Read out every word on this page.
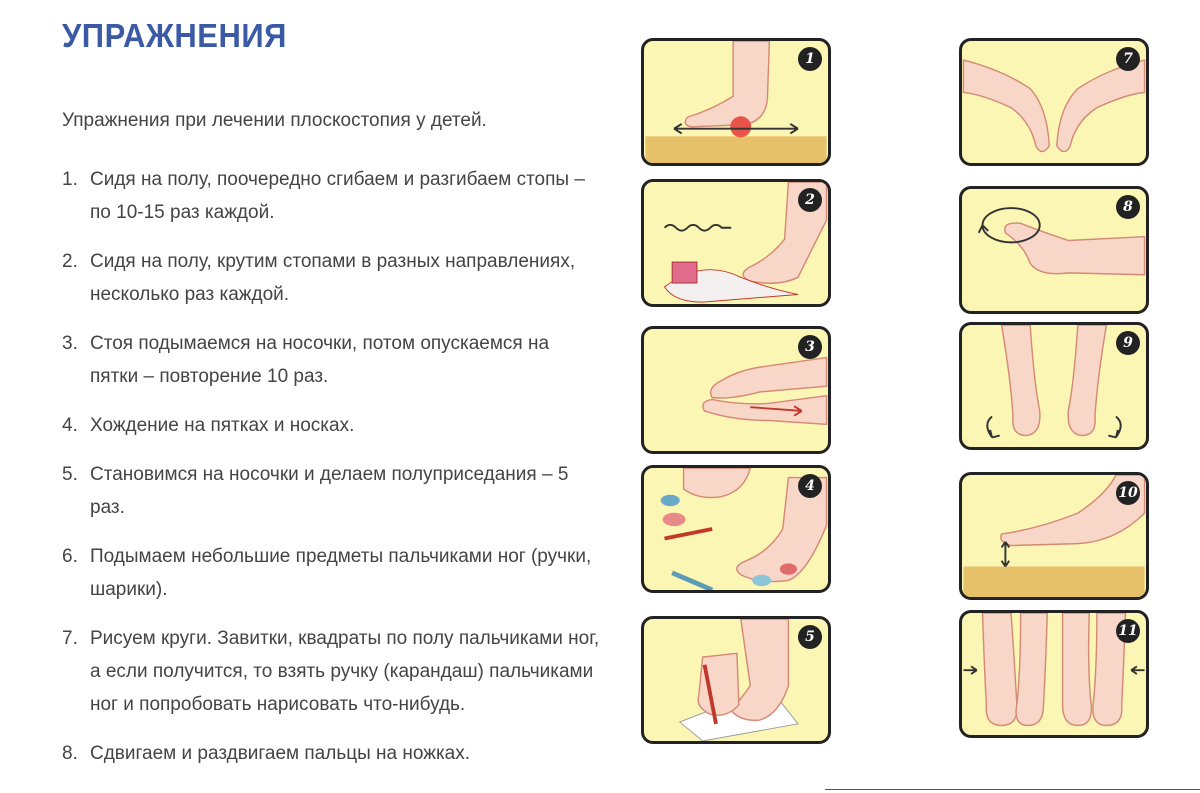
УПРАЖНЕНИЯ

Упражнения при лечении плоскостопия у детей.

1. Сидя на полу, поочередно сгибаем и разгибаем стопы – по 10-15 раз каждой.
2. Сидя на полу, крутим стопами в разных направлениях, несколько раз каждой.
3. Стоя подымаемся на носочки, потом опускаемся на пятки – повторение 10 раз.
4. Хождение на пятках и носках.
5. Становимся на носочки и делаем полуприседания – 5 раз.
6. Подымаем небольшие предметы пальчиками ног (ручки, шарики).
7. Рисуем круги. Завитки, квадраты по полу пальчиками ног, а если получится, то взять ручку (карандаш) пальчиками ног и попробовать нарисовать что-нибудь.
8. Сдвигаем и раздвигаем пальцы на ножках.
1
2
3
4
5
7
8
9
10
11
